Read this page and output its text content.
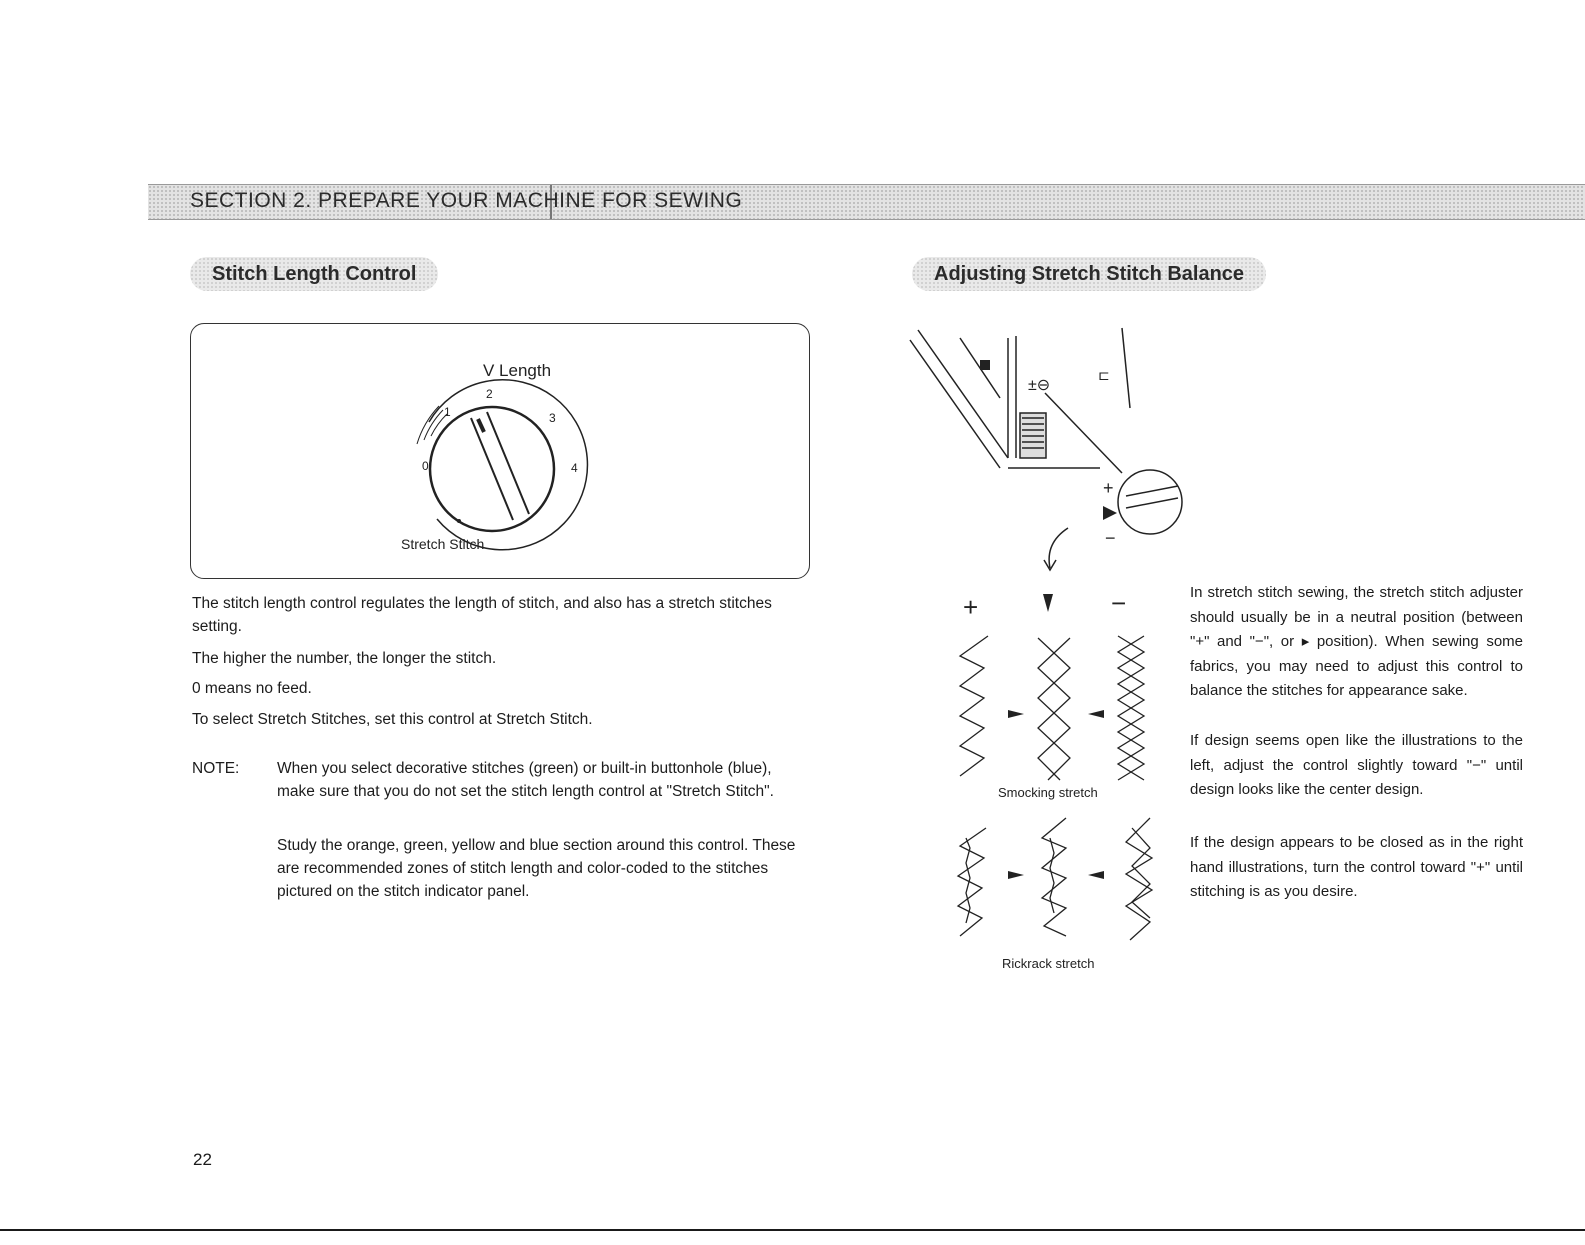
SECTION 2. PREPARE YOUR MACHINE FOR SEWING
Stitch Length Control	Adjusting Stretch Stitch Balance
V Length
0
1
2
3
4
Stretch Stitch

The stitch length control regulates the length of stitch, and also has a stretch stitches setting.

The higher the number, the longer the stitch.

0 means no feed.

To select Stretch Stitches, set this control at Stretch Stitch.

NOTE: When you select decorative stitches (green) or built-in buttonhole (blue), make sure that you do not set the stitch length control at "Stretch Stitch".

Study the orange, green, yellow and blue section around this control. These are recommended zones of stitch length and color-coded to the stitches pictured on the stitch indicator panel.

±⊖
⊏
+
−
+	−
Smocking stretch
Rickrack stretch

In stretch stitch sewing, the stretch stitch adjuster should usually be in a neutral position (between "+" and "−", or ▸ position). When sewing some fabrics, you may need to adjust this control to balance the stitches for appearance sake.

If design seems open like the illustrations to the left, adjust the control slightly toward "−" until design looks like the center design.

If the design appears to be closed as in the right hand illustrations, turn the control toward "+" until stitching is as you desire.

22
